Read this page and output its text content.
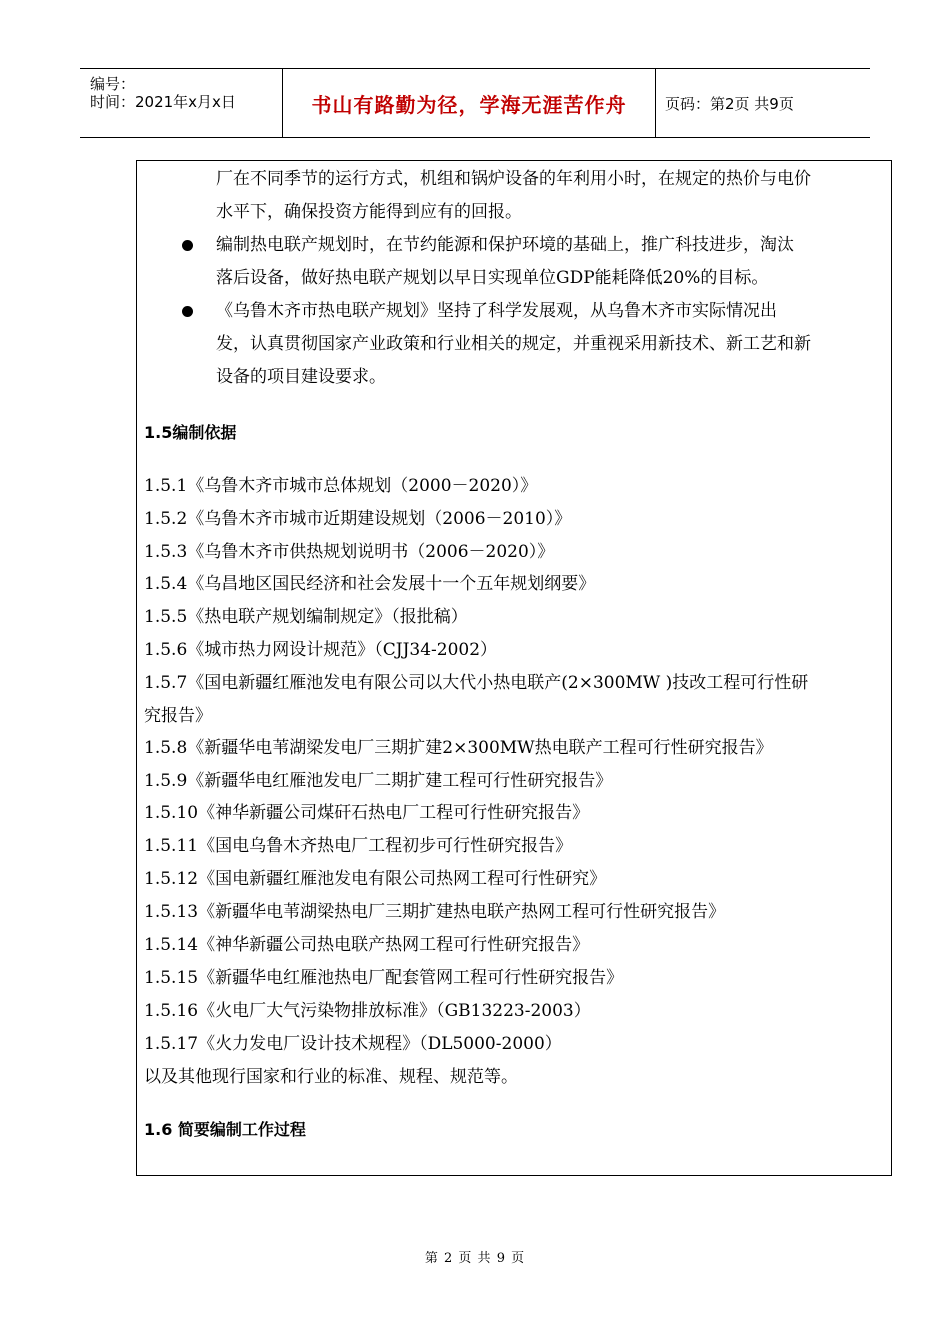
编号：
时间：2021年x月x日	书山有路勤为径，学海无涯苦作舟	页码：第2页 共9页
厂在不同季节的运行方式，机组和锅炉设备的年利用小时，在规定的热价与电价
水平下，确保投资方能得到应有的回报。
编制热电联产规划时，在节约能源和保护环境的基础上，推广科技进步，淘汰
落后设备，做好热电联产规划以早日实现单位GDP能耗降低20%的目标。
《乌鲁木齐市热电联产规划》坚持了科学发展观，从乌鲁木齐市实际情况出
发，认真贯彻国家产业政策和行业相关的规定，并重视采用新技术、新工艺和新
设备的项目建设要求。
1.5编制依据
1.5.1《乌鲁木齐市城市总体规划（2000－2020）》
1.5.2《乌鲁木齐市城市近期建设规划（2006－2010）》
1.5.3《乌鲁木齐市供热规划说明书（2006－2020）》
1.5.4《乌昌地区国民经济和社会发展十一个五年规划纲要》
1.5.5《热电联产规划编制规定》（报批稿）
1.5.6《城市热力网设计规范》（CJJ34-2002）
1.5.7《国电新疆红雁池发电有限公司以大代小热电联产(2×300MW )技改工程可行性研
究报告》
1.5.8《新疆华电苇湖梁发电厂三期扩建2×300MW热电联产工程可行性研究报告》
1.5.9《新疆华电红雁池发电厂二期扩建工程可行性研究报告》
1.5.10《神华新疆公司煤矸石热电厂工程可行性研究报告》
1.5.11《国电乌鲁木齐热电厂工程初步可行性研究报告》
1.5.12《国电新疆红雁池发电有限公司热网工程可行性研究》
1.5.13《新疆华电苇湖梁热电厂三期扩建热电联产热网工程可行性研究报告》
1.5.14《神华新疆公司热电联产热网工程可行性研究报告》
1.5.15《新疆华电红雁池热电厂配套管网工程可行性研究报告》
1.5.16《火电厂大气污染物排放标准》（GB13223-2003）
1.5.17《火力发电厂设计技术规程》（DL5000-2000）
以及其他现行国家和行业的标准、规程、规范等。
1.6 简要编制工作过程
第 2 页 共 9 页
